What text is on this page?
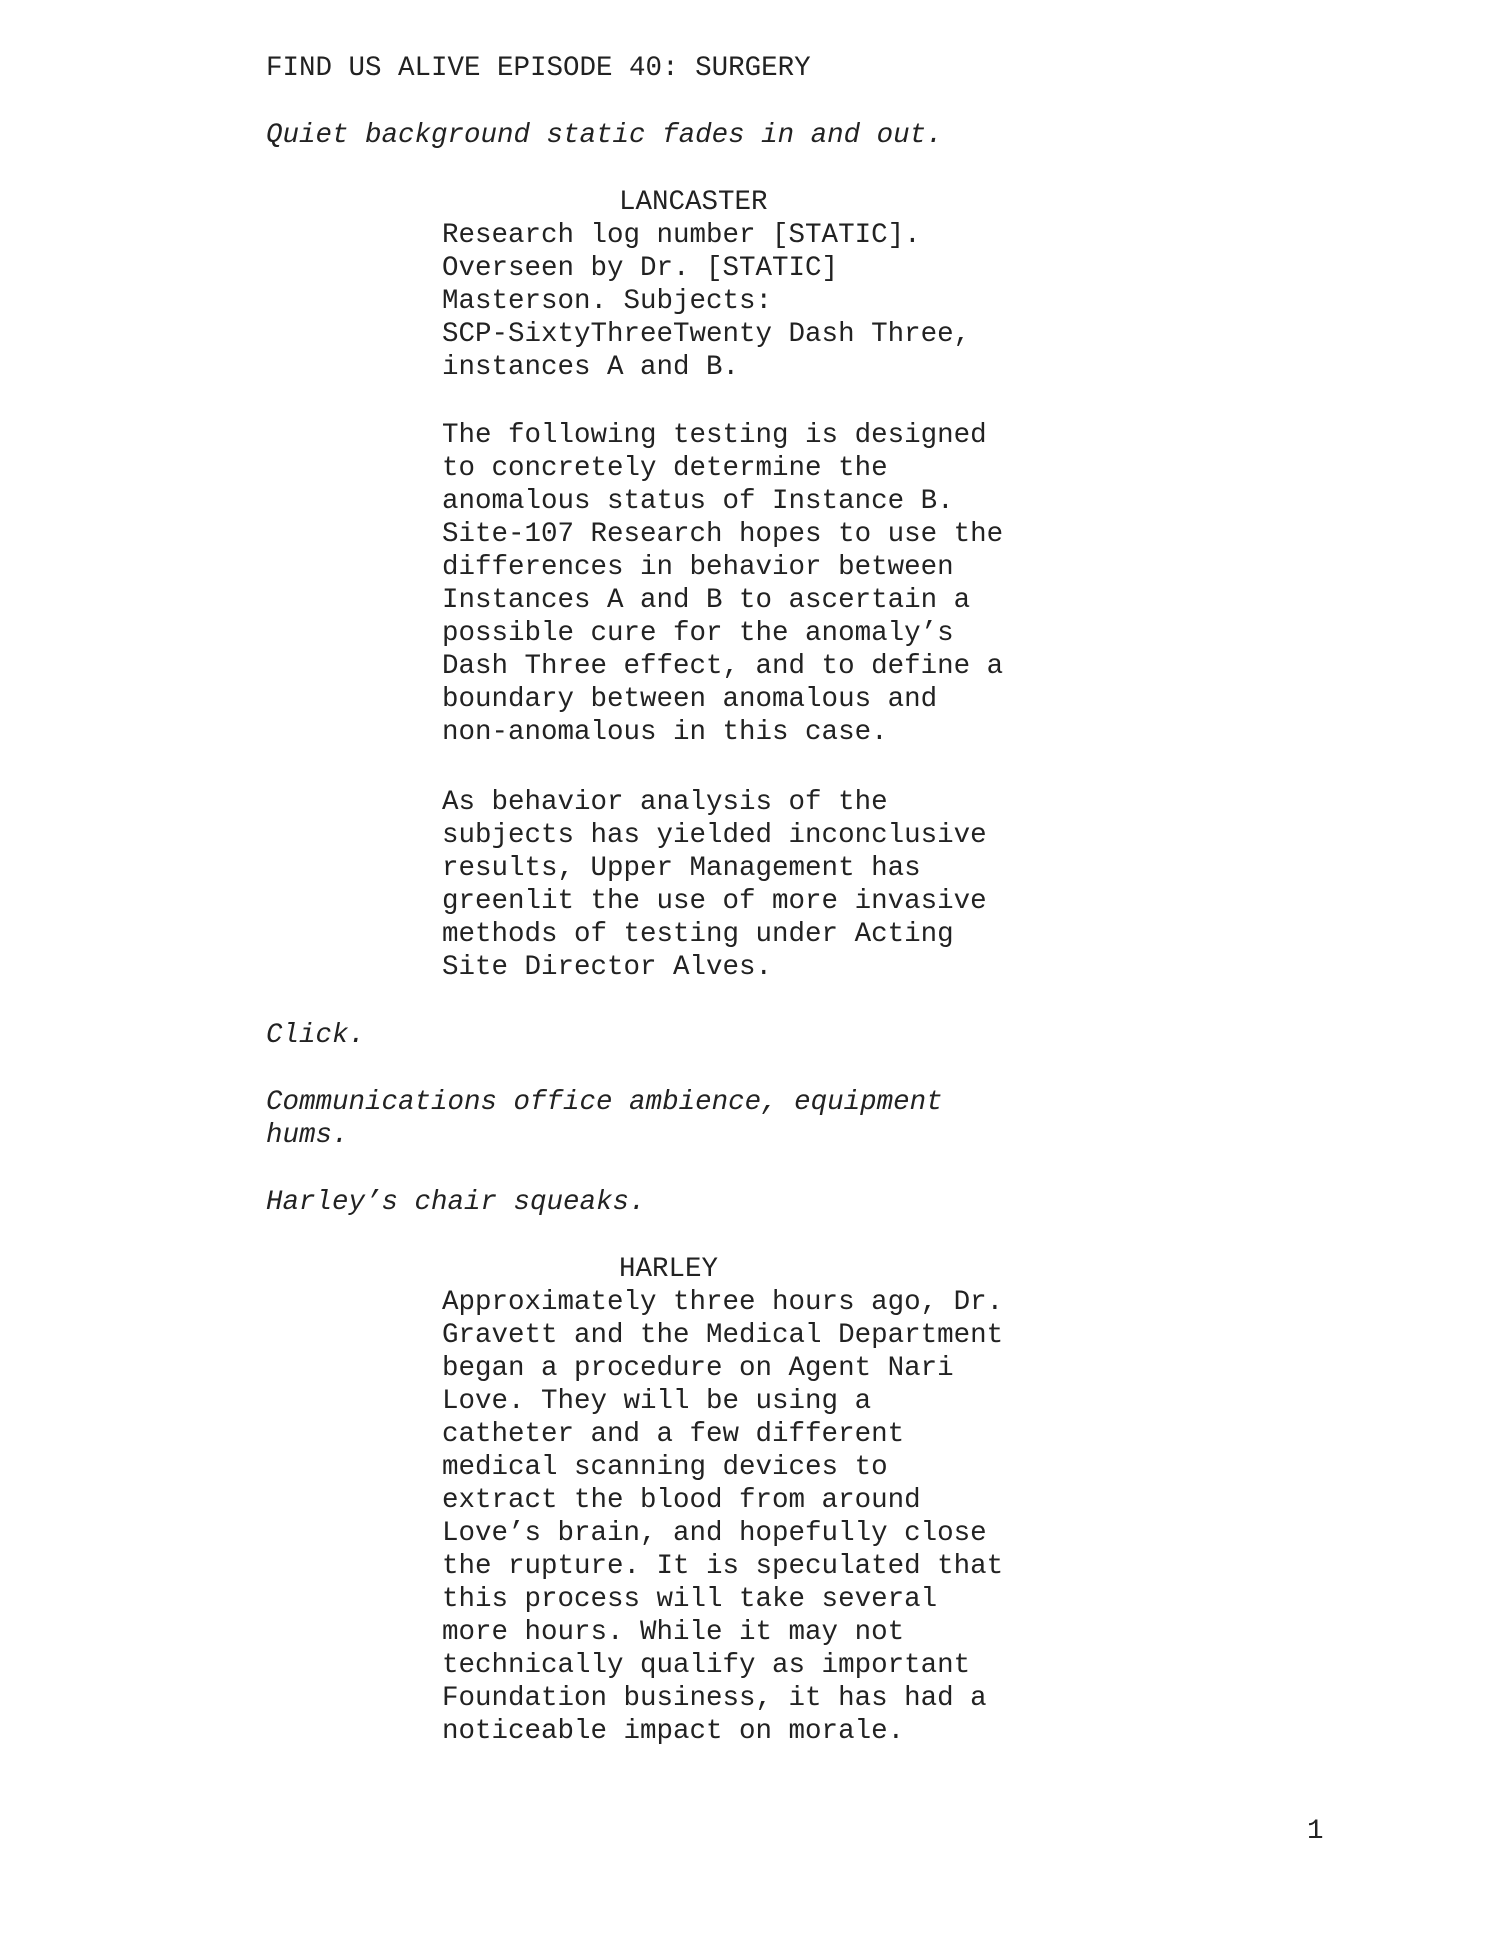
FIND US ALIVE EPISODE 40: SURGERY
Quiet background static fades in and out.
LANCASTER
Research log number [STATIC].
Overseen by Dr. [STATIC]
Masterson. Subjects:
SCP-SixtyThreeTwenty Dash Three,
instances A and B.
The following testing is designed
to concretely determine the
anomalous status of Instance B.
Site-107 Research hopes to use the
differences in behavior between
Instances A and B to ascertain a
possible cure for the anomaly’s
Dash Three effect, and to define a
boundary between anomalous and
non-anomalous in this case.
As behavior analysis of the
subjects has yielded inconclusive
results, Upper Management has
greenlit the use of more invasive
methods of testing under Acting
Site Director Alves.
Click.
Communications office ambience, equipment
hums.
Harley’s chair squeaks.
HARLEY
Approximately three hours ago, Dr.
Gravett and the Medical Department
began a procedure on Agent Nari
Love. They will be using a
catheter and a few different
medical scanning devices to
extract the blood from around
Love’s brain, and hopefully close
the rupture. It is speculated that
this process will take several
more hours. While it may not
technically qualify as important
Foundation business, it has had a
noticeable impact on morale.
1
